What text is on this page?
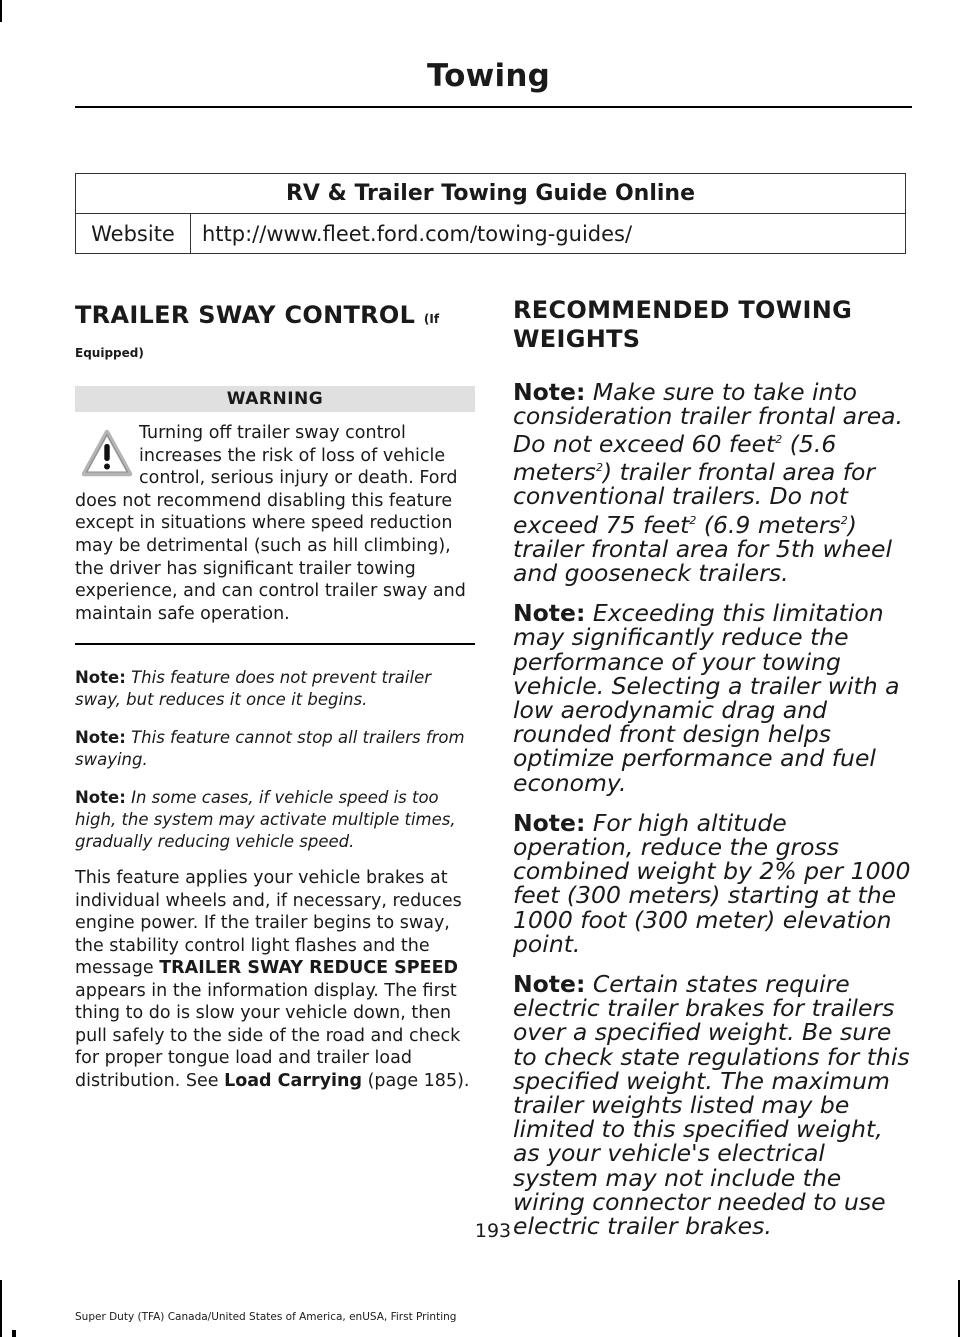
Towing
RV & Trailer Towing Guide Online
Website	http://www.fleet.ford.com/towing-guides/
TRAILER SWAY CONTROL (If
Equipped)
WARNING
Turning off trailer sway control increases the risk of loss of vehicle control, serious injury or death. Ford does not recommend disabling this feature except in situations where speed reduction may be detrimental (such as hill climbing), the driver has significant trailer towing experience, and can control trailer sway and maintain safe operation.
Note: This feature does not prevent trailer sway, but reduces it once it begins.
Note: This feature cannot stop all trailers from swaying.
Note: In some cases, if vehicle speed is too high, the system may activate multiple times, gradually reducing vehicle speed.
This feature applies your vehicle brakes at individual wheels and, if necessary, reduces engine power. If the trailer begins to sway, the stability control light flashes and the message TRAILER SWAY REDUCE SPEED appears in the information display. The first thing to do is slow your vehicle down, then pull safely to the side of the road and check for proper tongue load and trailer load distribution. See Load Carrying (page 185).
RECOMMENDED TOWING
WEIGHTS
Note: Make sure to take into consideration trailer frontal area. Do not exceed 60 feet$^2$ (5.6 meters$^2$) trailer frontal area for conventional trailers. Do not exceed 75 feet$^2$ (6.9 meters$^2$) trailer frontal area for 5th wheel and gooseneck trailers.
Note: Exceeding this limitation may significantly reduce the performance of your towing vehicle. Selecting a trailer with a low aerodynamic drag and rounded front design helps optimize performance and fuel economy.
Note: For high altitude operation, reduce the gross combined weight by 2% per 1000 feet (300 meters) starting at the 1000 foot (300 meter) elevation point.
Note: Certain states require electric trailer brakes for trailers over a specified weight. Be sure to check state regulations for this specified weight. The maximum trailer weights listed may be limited to this specified weight, as your vehicle's electrical system may not include the wiring connector needed to use electric trailer brakes.
193
Super Duty (TFA) Canada/United States of America, enUSA, First Printing
